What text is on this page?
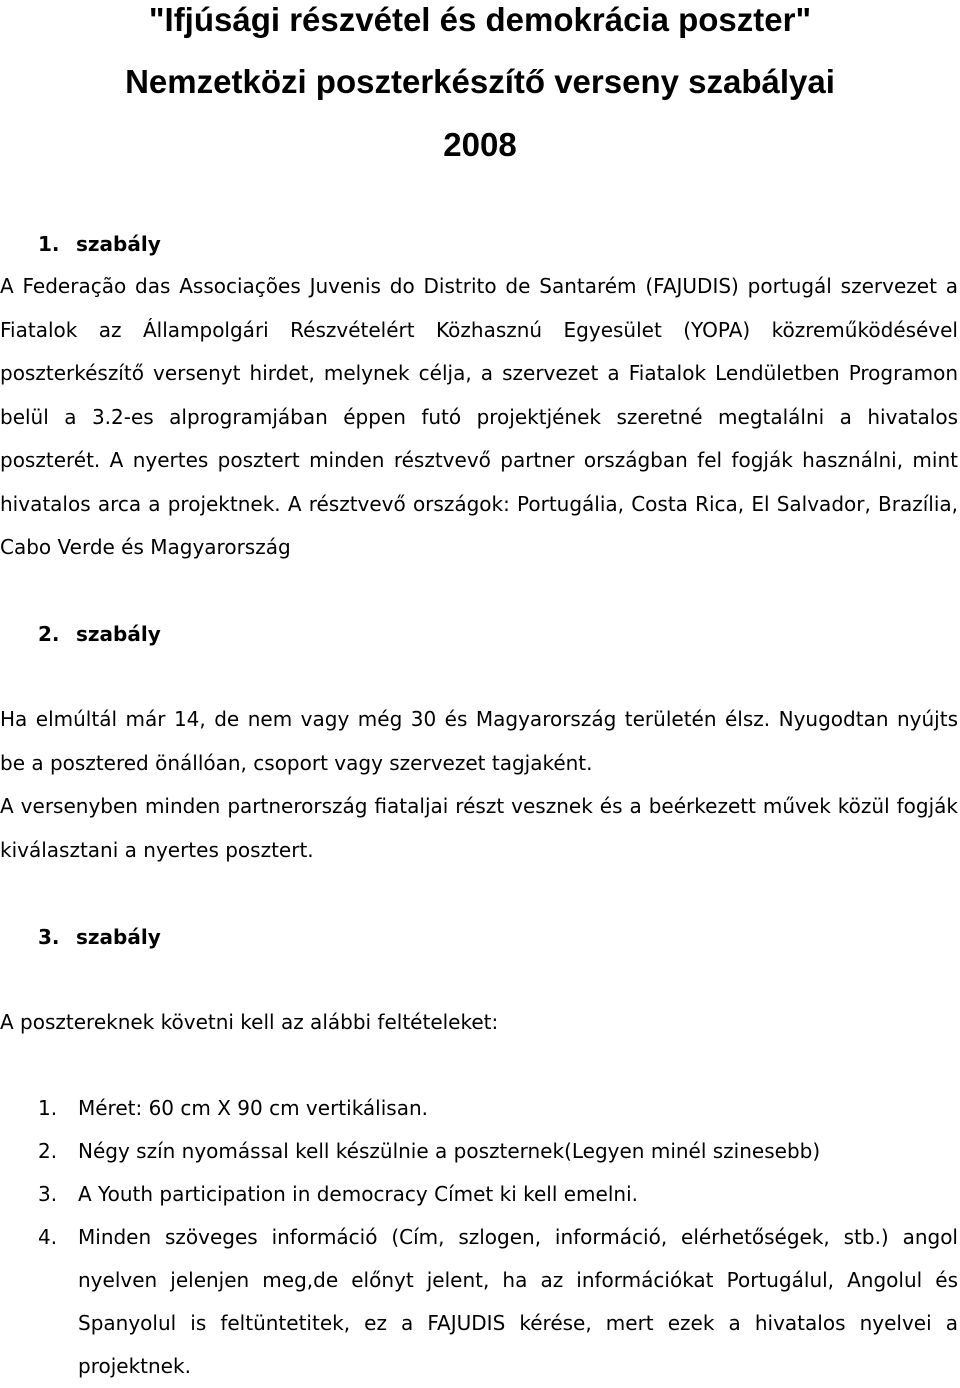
"Ifjúsági részvétel és demokrácia poszter"
Nemzetközi poszterkészítő verseny szabályai
2008
1. szabály

A Federação das Associações Juvenis do Distrito de Santarém (FAJUDIS) portugál szervezet a Fiatalok az Állampolgári Részvételért Közhasznú Egyesület (YOPA) közreműködésével poszterkészítő versenyt hirdet, melynek célja, a szervezet a Fiatalok Lendületben Programon belül a 3.2-es alprogramjában éppen futó projektjének szeretné megtalálni a hivatalos poszterét. A nyertes posztert minden résztvevő partner országban fel fogják használni, mint hivatalos arca a projektnek. A résztvevő országok: Portugália, Costa Rica, El Salvador, Brazília, Cabo Verde és Magyarország

2. szabály

Ha elmúltál már 14, de nem vagy még 30 és Magyarország területén élsz. Nyugodtan nyújts be a posztered önállóan, csoport vagy szervezet tagjaként.

A versenyben minden partnerország fiataljai részt vesznek és a beérkezett művek közül fogják kiválasztani a nyertes posztert.

3. szabály

A posztereknek követni kell az alábbi feltételeket:

1.	Méret: 60 cm X 90 cm vertikálisan.
2.	Négy szín nyomással kell készülnie a poszternek(Legyen minél szinesebb)
3.	A Youth participation in democracy Címet ki kell emelni.
4.	Minden szöveges információ (Cím, szlogen, információ, elérhetőségek, stb.) angol nyelven jelenjen meg,de előnyt jelent, ha az információkat Portugálul, Angolul és Spanyolul is feltüntetitek, ez a FAJUDIS kérése, mert ezek a hivatalos nyelvei a projektnek.
